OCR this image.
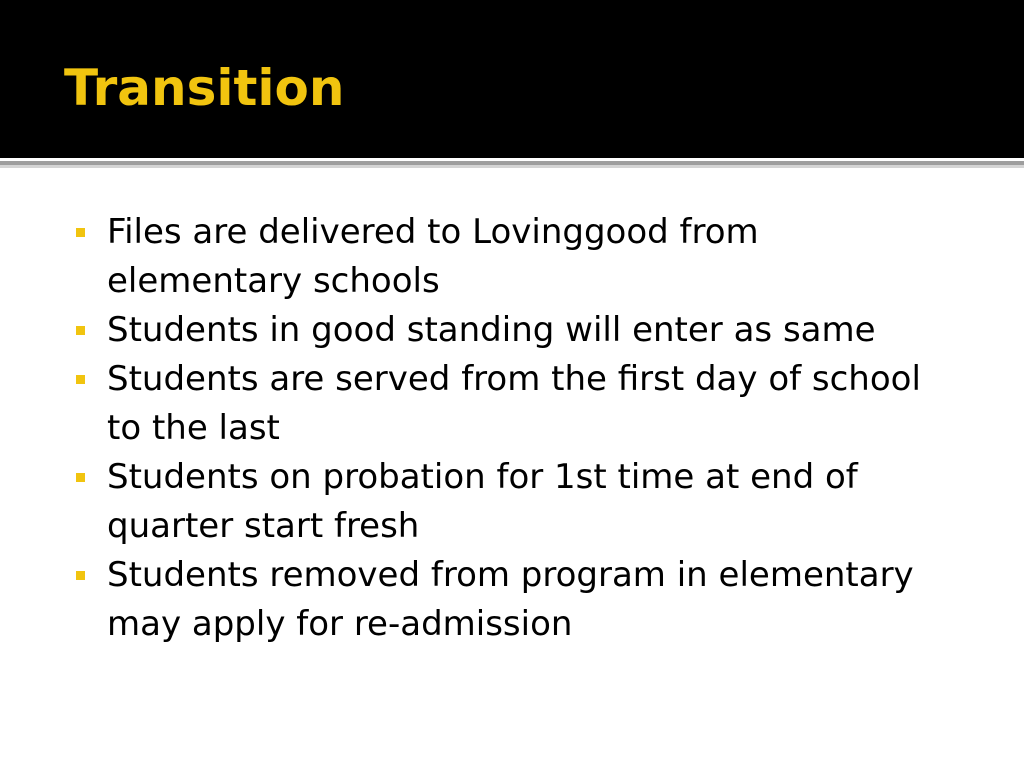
Transition
Files are delivered to Lovinggood from elementary schools
Students in good standing will enter as same
Students are served from the first day of school to the last
Students on probation for 1st time at end of quarter start fresh
Students removed from program in elementary may apply for re-admission
